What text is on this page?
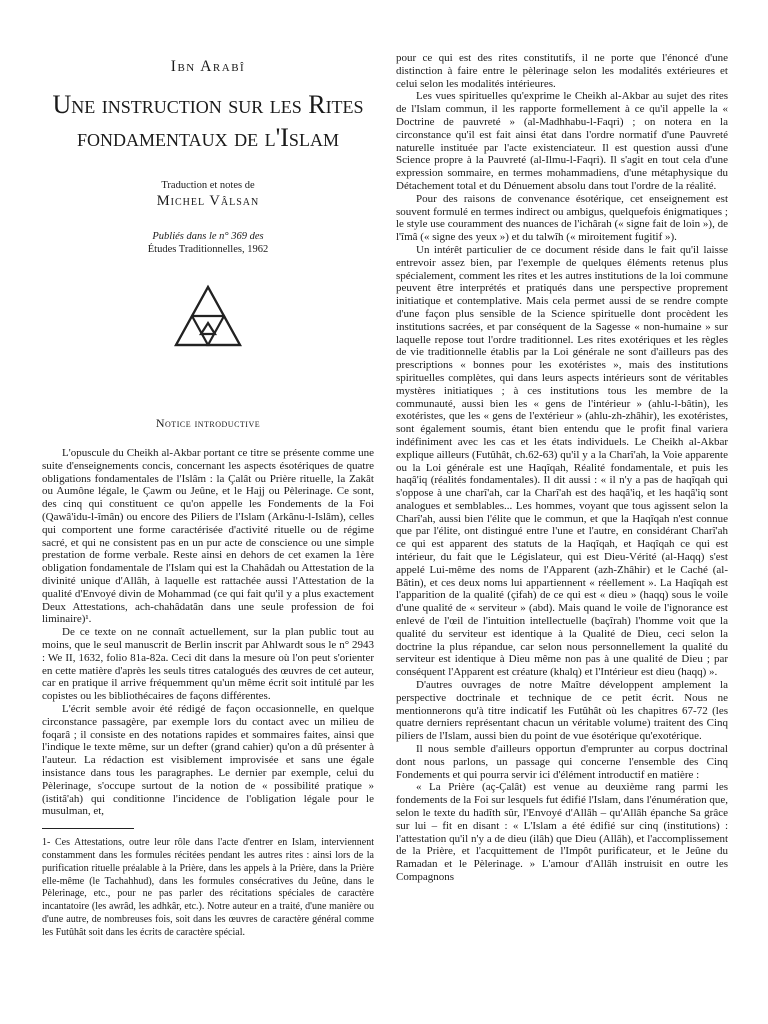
Ibn Arabî
Une instruction sur les Rites fondamentaux de l'Islam
Traduction et notes de
Michel Vâlsan

Publiés dans le n° 369 des

Études Traditionnelles, 1962

Notice introductive

L'opuscule du Cheikh al-Akbar portant ce titre se présente comme une suite d'enseignements concis, concernant les aspects ésotériques de quatre obligations fondamentales de l'Islâm : la Çalât ou Prière rituelle, la Zakât ou Aumône légale, le Çawm ou Jeûne, et le Hajj ou Pèlerinage. Ce sont, des cinq qui constituent ce qu'on appelle les Fondements de la Foi (Qawâ'idu-l-îmân) ou encore des Piliers de l'Islam (Arkânu-l-Islâm), celles qui comportent une forme caractérisée d'activité rituelle ou de régime sacré, et qui ne consistent pas en un pur acte de conscience ou une simple prestation de forme verbale. Reste ainsi en dehors de cet examen la 1ère obligation fondamentale de l'Islam qui est la Chahâdah ou Attestation de la divinité unique d'Allâh, à laquelle est rattachée aussi l'Attestation de la qualité d'Envoyé divin de Mohammad (ce qui fait qu'il y a plus exactement Deux Attestations, ach-chahâdatân dans une seule profession de foi liminaire)¹.

De ce texte on ne connaît actuellement, sur la plan public tout au moins, que le seul manuscrit de Berlin inscrit par Ahlwardt sous le n° 2943 : We II, 1632, folio 81a-82a. Ceci dit dans la mesure où l'on peut s'orienter en cette matière d'après les seuls titres catalogués des œuvres de cet auteur, car en pratique il arrive fréquemment qu'un même écrit soit intitulé par les copistes ou les bibliothécaires de façons différentes.

L'écrit semble avoir été rédigé de façon occasionnelle, en quelque circonstance passagère, par exemple lors du contact avec un milieu de foqarâ ; il consiste en des notations rapides et sommaires faites, ainsi que l'indique le texte même, sur un defter (grand cahier) qu'on a dû présenter à l'auteur. La rédaction est visiblement improvisée et sans une égale insistance dans tous les paragraphes. Le dernier par exemple, celui du Pèlerinage, s'occupe surtout de la notion de « possibilité pratique » (istitâ'ah) qui conditionne l'incidence de l'obligation légale pour le musulman, et,

1- Ces Attestations, outre leur rôle dans l'acte d'entrer en Islam, interviennent constamment dans les formules récitées pendant les autres rites : ainsi lors de la purification rituelle préalable à la Prière, dans les appels à la Prière, dans la Prière elle-même (le Tachahhud), dans les formules consécratives du Jeûne, dans le Pèlerinage, etc., pour ne pas parler des récitations spéciales de caractère incantatoire (les awrâd, les adhkâr, etc.). Notre auteur en a traité, d'une manière ou d'une autre, de nombreuses fois, soit dans les œuvres de caractère général comme les Futûhât soit dans les écrits de caractère spécial.

pour ce qui est des rites constitutifs, il ne porte que l'énoncé d'une distinction à faire entre le pèlerinage selon les modalités extérieures et celui selon les modalités intérieures.

Les vues spirituelles qu'exprime le Cheikh al-Akbar au sujet des rites de l'Islam commun, il les rapporte formellement à ce qu'il appelle la « Doctrine de pauvreté » (al-Madhhabu-l-Faqri) ; on notera en la circonstance qu'il est fait ainsi état dans l'ordre normatif d'une Pauvreté naturelle instituée par l'acte existenciateur. Il est question aussi d'une Science propre à la Pauvreté (al-Ilmu-l-Faqri). Il s'agit en tout cela d'une expression sommaire, en termes mohammadiens, d'une métaphysique du Détachement total et du Dénuement absolu dans tout l'ordre de la réalité.

Pour des raisons de convenance ésotérique, cet enseignement est souvent formulé en termes indirect ou ambigus, quelquefois énigmatiques ; le style use couramment des nuances de l'ichârah (« signe fait de loin »), de l'îmâ (« signe des yeux ») et du talwîh (« miroitement fugitif »).

Un intérêt particulier de ce document réside dans le fait qu'il laisse entrevoir assez bien, par l'exemple de quelques éléments retenus plus spécialement, comment les rites et les autres institutions de la loi commune peuvent être interprétés et pratiqués dans une perspective proprement initiatique et contemplative. Mais cela permet aussi de se rendre compte d'une façon plus sensible de la Science spirituelle dont procèdent les institutions sacrées, et par conséquent de la Sagesse « non-humaine » sur laquelle repose tout l'ordre traditionnel. Les rites exotériques et les règles de vie traditionnelle établis par la Loi générale ne sont d'ailleurs pas des prescriptions « bonnes pour les exotéristes », mais des institutions spirituelles complètes, qui dans leurs aspects intérieurs sont de véritables mystères initiatiques ; à ces institutions tous les membre de la communauté, aussi bien les « gens de l'intérieur » (ahlu-l-bâtin), les exotéristes, que les « gens de l'extérieur » (ahlu-zh-zhâhir), les exotéristes, sont également soumis, étant bien entendu que le profit final variera indéfiniment avec les cas et les états individuels. Le Cheikh al-Akbar explique ailleurs (Futûhât, ch.62-63) qu'il y a la Charî'ah, la Voie apparente ou la Loi générale est une Haqîqah, Réalité fondamentale, et puis les haqâ'iq (réalités fondamentales). Il dit aussi : « il n'y a pas de haqîqah qui s'oppose à une charî'ah, car la Charî'ah est des haqâ'iq, et les haqâ'iq sont analogues et semblables... Les hommes, voyant que tous agissent selon la Charî'ah, aussi bien l'élite que le commun, et que la Haqîqah n'est connue que par l'élite, ont distingué entre l'une et l'autre, en considérant Charî'ah ce qui est apparent des statuts de la Haqîqah, et Haqîqah ce qui est intérieur, du fait que le Législateur, qui est Dieu-Vérité (al-Haqq) s'est appelé Lui-même des noms de l'Apparent (azh-Zhâhir) et le Caché (al-Bâtin), et ces deux noms lui appartiennent « réellement ». La Haqîqah est l'apparition de la qualité (çifah) de ce qui est « dieu » (haqq) sous le voile d'une qualité de « serviteur » (abd). Mais quand le voile de l'ignorance est enlevé de l'œil de l'intuition intellectuelle (baçîrah) l'homme voit que la qualité du serviteur est identique à la Qualité de Dieu, ceci selon la doctrine la plus répandue, car selon nous personnellement la qualité du serviteur est identique à Dieu même non pas à une qualité de Dieu ; par conséquent l'Apparent est créature (khalq) et l'Intérieur est dieu (haqq) ».

D'autres ouvrages de notre Maître développent amplement la perspective doctrinale et technique de ce petit écrit. Nous ne mentionnerons qu'à titre indicatif les Futûhât où les chapitres 67-72 (les quatre derniers représentant chacun un véritable volume) traitent des Cinq piliers de l'Islam, aussi bien du point de vue ésotérique qu'exotérique.

Il nous semble d'ailleurs opportun d'emprunter au corpus doctrinal dont nous parlons, un passage qui concerne l'ensemble des Cinq Fondements et qui pourra servir ici d'élément introductif en matière :

« La Prière (aç-Çalât) est venue au deuxième rang parmi les fondements de la Foi sur lesquels fut édifié l'Islam, dans l'énumération que, selon le texte du hadîth sûr, l'Envoyé d'Allâh – qu'Allâh épanche Sa grâce sur lui – fit en disant : « L'Islam a été édifié sur cinq (institutions) : l'attestation qu'il n'y a de dieu (ilâh) que Dieu (Allâh), et l'accomplissement de la Prière, et l'acquittement de l'Impôt purificateur, et le Jeûne du Ramadan et le Pèlerinage. » L'amour d'Allâh instruisit en outre les Compagnons
